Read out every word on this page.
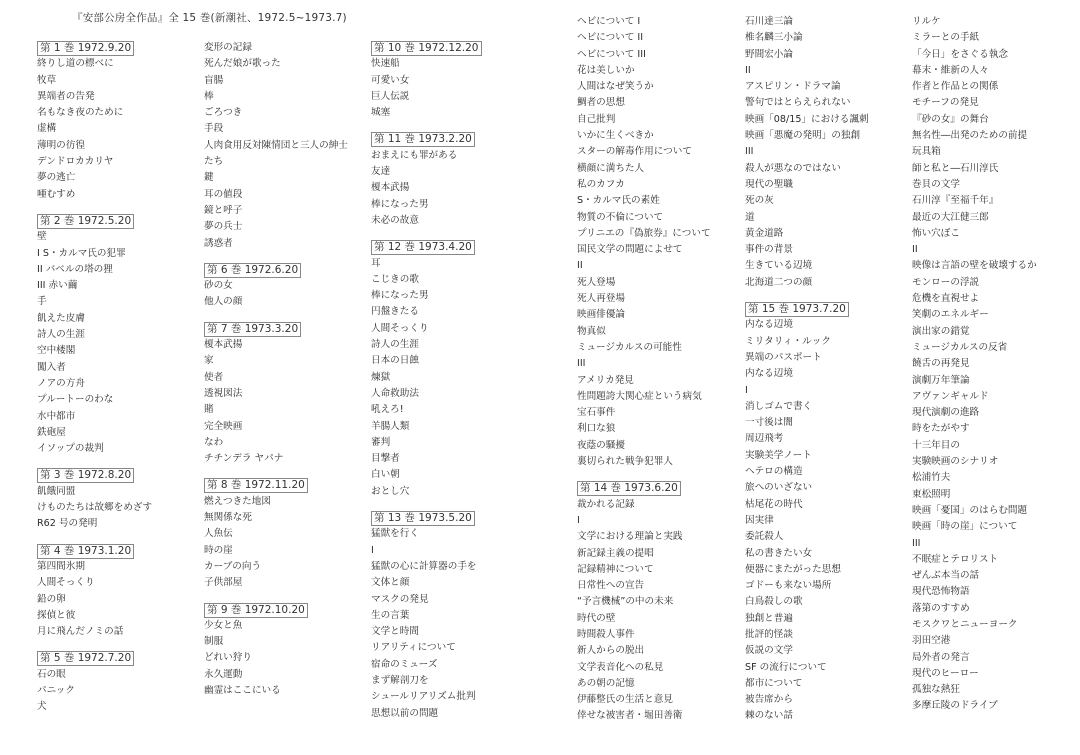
『安部公房全作品』全 15 巻(新潮社、1972.5~1973.7)
第 1 巻 1972.9.20
終りし道の標べに
牧草
異端者の告発
名もなき夜のために
虚構
薄明の彷徨
デンドロカカリヤ
夢の逃亡
唖むすめ
第 2 巻 1972.5.20
壁
I S・カルマ氏の犯罪
II バベルの塔の狸
III 赤い繭
手
飢えた皮膚
詩人の生涯
空中楼閣
闖入者
ノアの方舟
プルートーのわな
水中都市
鉄砲屋
イソップの裁判
第 3 巻 1972.8.20
飢餓同盟
けものたちは故郷をめざす
R62 号の発明
第 4 巻 1973.1.20
第四間氷期
人間そっくり
鉛の卵
探偵と彼
月に飛んだノミの話
第 5 巻 1972.7.20
石の眼
パニック
犬
変形の記録
死んだ娘が歌った
盲腸
棒
ごろつき
手段
人肉食用反対陳情団と三人の紳士
たち
鍵
耳の値段
鏡と呼子
夢の兵士
誘惑者
第 6 巻 1972.6.20
砂の女
他人の顔
第 7 巻 1973.3.20
榎本武揚
家
使者
透視図法
賭
完全映画
なわ
チチンデラ ヤパナ
第 8 巻 1972.11.20
燃えつきた地図
無関係な死
人魚伝
時の崖
カーブの向う
子供部屋
第 9 巻 1972.10.20
少女と魚
制服
どれい狩り
永久運動
幽霊はここにいる
第 10 巻 1972.12.20
快速船
可愛い女
巨人伝説
城塞
第 11 巻 1973.2.20
おまえにも罪がある
友達
榎本武揚
棒になった男
未必の故意
第 12 巻 1973.4.20
耳
こじきの歌
棒になった男
円盤きたる
人間そっくり
詩人の生涯
日本の日蝕
煉獄
人命救助法
吼えろ!
羊腸人類
審判
目撃者
白い朝
おとし穴
第 13 巻 1973.5.20
猛獣を行く
I
猛獣の心に計算器の手を
文体と顔
マスクの発見
生の言葉
文学と時間
リアリティについて
宿命のミューズ
まず解剖刀を
シュールリアリズム批判
思想以前の問題
ヘビについて I
ヘビについて II
ヘビについて III
花は美しいか
人間はなぜ笑うか
鯛者の思想
自己批判
いかに生くべきか
スターの解毒作用について
横顔に満ちた人
私のカフカ
S・カルマ氏の素姓
物質の不倫について
プリニエの『偽旅券』について
国民文学の問題によせて
II
死人登場
死人再登場
映画俳優論
物真似
ミュージカルスの可能性
III
アメリカ発見
性問題誇大関心症という病気
宝石事件
利口な狼
夜蔭の騒擾
裏切られた戦争犯罪人
第 14 巻 1973.6.20
裁かれる記録
I
文学における理論と実践
新記録主義の提唱
記録精神について
日常性への宣告
“予言機械”の中の未来
時代の壁
時間殺人事件
新人からの脱出
文学表音化への私見
あの朝の記憶
伊藤整氏の生活と意見
倖せな被害者・堀田善衛
石川達三論
椎名麟三小論
野間宏小論
II
アスピリン・ドラマ論
警句ではとらえられない
映画「08/15」における諷刺
映画「悪魔の発明」の独創
III
殺人が悪なのではない
現代の聖職
死の灰
道
黄金道路
事件の背景
生きている辺境
北海道二つの顔
第 15 巻 1973.7.20
内なる辺境
ミリタリィ・ルック
異端のパスポート
内なる辺境
I
消しゴムで書く
一寸後は闇
周辺飛考
実験美学ノート
ヘテロの構造
旅へのいざない
枯尾花の時代
因実律
委託殺人
私の書きたい女
便器にまたがった思想
ゴドーも来ない場所
白鳥殺しの歌
独創と普遍
批評的怪談
仮説の文学
SF の流行について
都市について
被告席から
棘のない話
リルケ
ミラーとの手紙
「今日」をさぐる執念
幕末・維新の人々
作者と作品との関係
モチーフの発見
『砂の女』の舞台
無名性―出発のための前提
玩具箱
師と私と―石川淳氏
巻貝の文学
石川淳『至福千年』
最近の大江健三郎
怖い穴ぼこ
II
映像は言語の壁を破壊するか
モンローの浮説
危機を直視せよ
笑劇のエネルギー
演出家の錯覚
ミュージカルスの反省
饒舌の再発見
演劇万年筆論
アヴァンギャルド
現代演劇の進路
時をたがやす
十三年目の
実験映画のシナリオ
松浦竹夫
東松照明
映画「憂国」のはらむ問題
映画「時の崖」について
III
不眠症とテロリスト
ぜんぶ本当の話
現代恐怖物語
落第のすすめ
モスクワとニューヨーク
羽田空港
局外者の発言
現代のヒーロー
孤独な熱狂
多摩丘陵のドライブ
